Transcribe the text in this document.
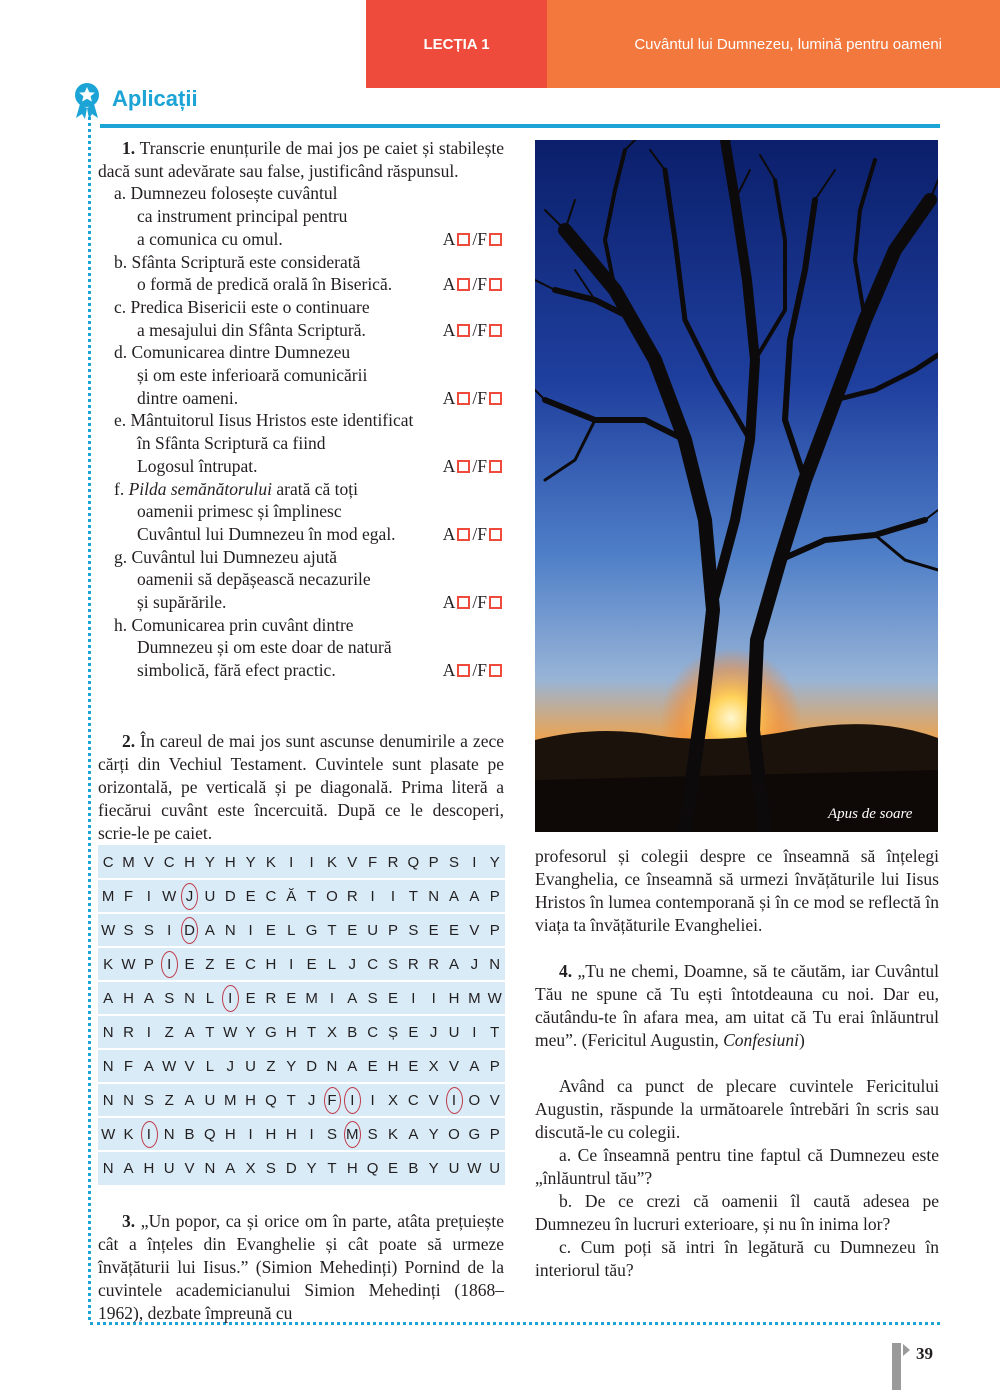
LECȚIA 1	Cuvântul lui Dumnezeu, lumină pentru oameni
Aplicații

1. Transcrie enunțurile de mai jos pe caiet și stabilește dacă sunt adevărate sau false, justificând răspunsul.

a. Dumnezeu folosește cuvântul
ca instrument principal pentru
a comunica cu omul.	A /F
b. Sfânta Scriptură este considerată
o formă de predică orală în Biserică.	A /F
c. Predica Bisericii este o continuare
a mesajului din Sfânta Scriptură.	A /F
d. Comunicarea dintre Dumnezeu
și om este inferioară comunicării
dintre oameni.	A /F
e. Mântuitorul Iisus Hristos este identificat
în Sfânta Scriptură ca fiind
Logosul întrupat.	A /F
f. Pilda semănătorului arată că toți
oamenii primesc și împlinesc
Cuvântul lui Dumnezeu în mod egal.	A /F
g. Cuvântul lui Dumnezeu ajută
oamenii să depășească necazurile
și supărările.	A /F
h. Comunicarea prin cuvânt dintre
Dumnezeu și om este doar de natură
simbolică, fără efect practic.	A /F

2. În careul de mai jos sunt ascunse denumirile a zece cărți din Vechiul Testament. Cuvintele sunt plasate pe orizontală, pe verticală și pe diagonală. Prima literă a fiecărui cuvânt este încercuită. După ce le descoperi, scrie-le pe caiet.

C M V C H Y H Y K I	I K V F R Q P S I Y
M F I W J U D E C Ă T O R I	I T N A A P
W S S I D A N I E L G T E U P S E E V P
K W P I E Z E C H I E L J C S R R A J N
A H A S N L I E R E M I A S E I	I H M W
N R I Z A T W Y G H T X B C Ș E J U I T
N F A W V L J U Z Y D N A E H E X V A P
N N S Z A U M H Q T J F I	I X C V I O V
W K I N B Q H I H H I S M S K A Y O G P
N A H U V N A X S D Y T H Q E B Y U W U

3. „Un popor, ca și orice om în parte, atâta prețuiește cât a înțeles din Evanghelie și cât poate să urmeze învățăturii lui Iisus.” (Simion Mehedinți) Pornind de la cuvintele academicianului Simion Mehedinți (1868–1962), dezbate împreună cu

Apus de soare

profesorul și colegii despre ce înseamnă să înțelegi Evanghelia, ce înseamnă să urmezi învățăturile lui Iisus Hristos în lumea contemporană și în ce mod se reflectă în viața ta învățăturile Evangheliei.

4. „Tu ne chemi, Doamne, să te căutăm, iar Cuvântul Tău ne spune că Tu ești întotdeauna cu noi. Dar eu, căutându-te în afara mea, am uitat că Tu erai înlăuntrul meu”. (Fericitul Augustin, Confesiuni)

Având ca punct de plecare cuvintele Fericitului Augustin, răspunde la următoarele întrebări în scris sau discută-le cu colegii.

a. Ce înseamnă pentru tine faptul că Dumnezeu este „înlăuntrul tău”?

b. De ce crezi că oamenii îl caută adesea pe Dumnezeu în lucruri exterioare, și nu în inima lor?

c. Cum poți să intri în legătură cu Dumnezeu în interiorul tău?

39
